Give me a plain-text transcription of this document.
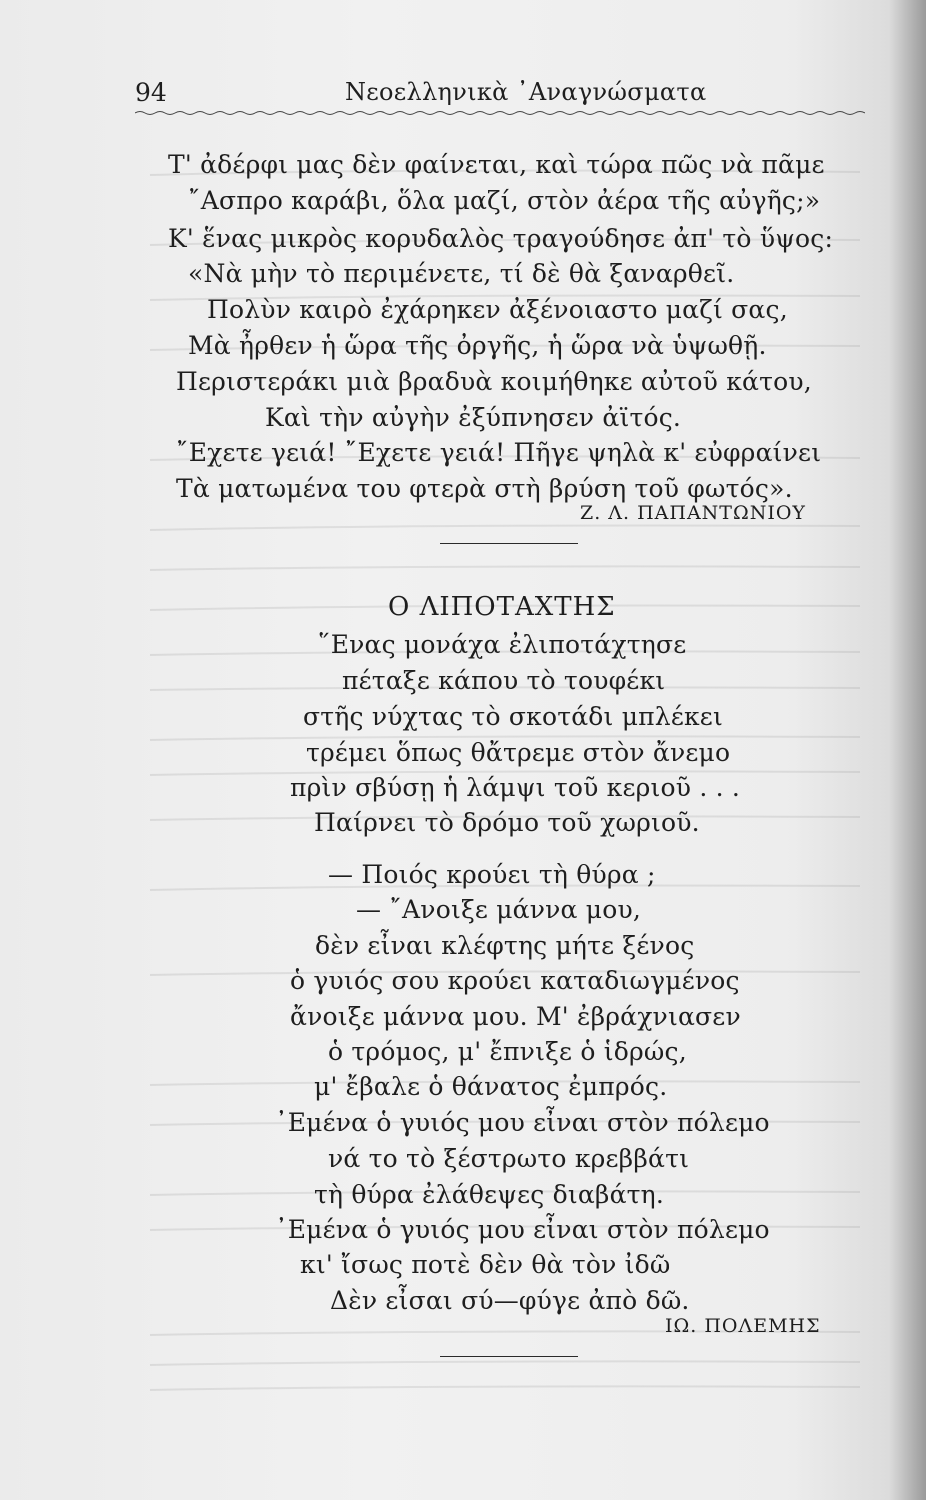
94	Νεοελληνικὰ ᾿Αναγνώσματα
Τ' ἀδέρφι μας δὲν φαίνεται, καὶ τώρα πῶς νὰ πᾶμε
῎Ασπρο καράβι, ὅλα μαζί, στὸν ἀέρα τῆς αὐγῆς;»
Κ' ἕνας μικρὸς κορυδαλὸς τραγούδησε ἀπ' τὸ ὕψος:
«Νὰ μὴν τὸ περιμένετε, τί δὲ θὰ ξαναρθεῖ.
Πολὺν καιρὸ ἐχάρηκεν ἀξένοιαστο μαζί σας,
Μὰ ἦρθεν ἡ ὥρα τῆς ὀργῆς, ἡ ὥρα νὰ ὑψωθῇ.
Περιστεράκι μιὰ βραδυὰ κοιμήθηκε αὐτοῦ κάτου,
Καὶ τὴν αὐγὴν ἐξύπνησεν ἀϊτός.
῎Εχετε γειά! ῎Εχετε γειά! Πῆγε ψηλὰ κ' εὐφραίνει
Τὰ ματωμένα του φτερὰ στὴ βρύση τοῦ φωτός».
Ζ. Λ. ΠΑΠΑΝΤΩΝΙΟΥ
Ο ΛΙΠΟΤΑΧΤΗΣ
῞Ενας μονάχα ἐλιποτάχτησε
πέταξε κάπου τὸ τουφέκι
στῆς νύχτας τὸ σκοτάδι μπλέκει
τρέμει ὅπως θἄτρεμε στὸν ἄνεμο
πρὶν σβύσῃ ἡ λάμψι τοῦ κεριοῦ . . .
Παίρνει τὸ δρόμο τοῦ χωριοῦ.
— Ποιός κρούει τὴ θύρα ;
— ῎Ανοιξε μάννα μου,
δὲν εἶναι κλέφτης μήτε ξένος
ὁ γυιός σου κρούει καταδιωγμένος
ἄνοιξε μάννα μου. Μ' ἐβράχνιασεν
ὁ τρόμος, μ' ἔπνιξε ὁ ἱδρώς,
μ' ἔβαλε ὁ θάνατος ἐμπρός.
᾿Εμένα ὁ γυιός μου εἶναι στὸν πόλεμο
νά το τὸ ξέστρωτο κρεββάτι
τὴ θύρα ἐλάθεψες διαβάτη.
᾿Εμένα ὁ γυιός μου εἶναι στὸν πόλεμο
κι' ἴσως ποτὲ δὲν θὰ τὸν ἰδῶ
Δὲν εἶσαι σύ—φύγε ἀπὸ δῶ.
ΙΩ. ΠΟΛΕΜΗΣ
